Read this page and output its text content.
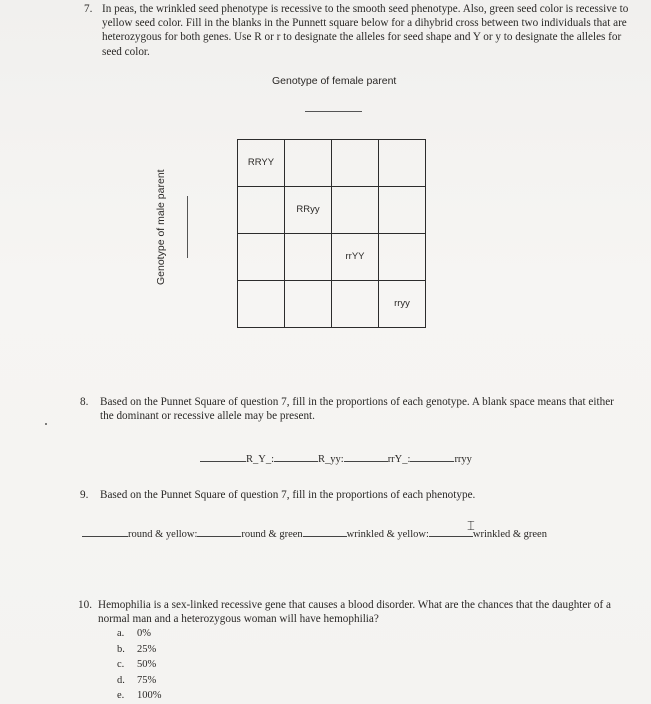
7. In peas, the wrinkled seed phenotype is recessive to the smooth seed phenotype. Also, green seed color is recessive to yellow seed color. Fill in the blanks in the Punnett square below for a dihybrid cross between two individuals that are heterozygous for both genes. Use R or r to designate the alleles for seed shape and Y or y to designate the alleles for seed color.
Genotype of female parent
Genotype of male parent
RRYY			

	RRyy		

		rrYY	

			rryy
8. Based on the Punnet Square of question 7, fill in the proportions of each genotype. A blank space means that either the dominant or recessive allele may be present.
R_Y_:	R_yy:	rrY_:	rryy
9. Based on the Punnet Square of question 7, fill in the proportions of each phenotype.
round & yellow:	round & green	wrinkled & yellow:	wrinkled & green
⌶
10. Hemophilia is a sex-linked recessive gene that causes a blood disorder. What are the chances that the daughter of a normal man and a heterozygous woman will have hemophilia?
a. 0%
b. 25%
c. 50%
d. 75%
e. 100%
